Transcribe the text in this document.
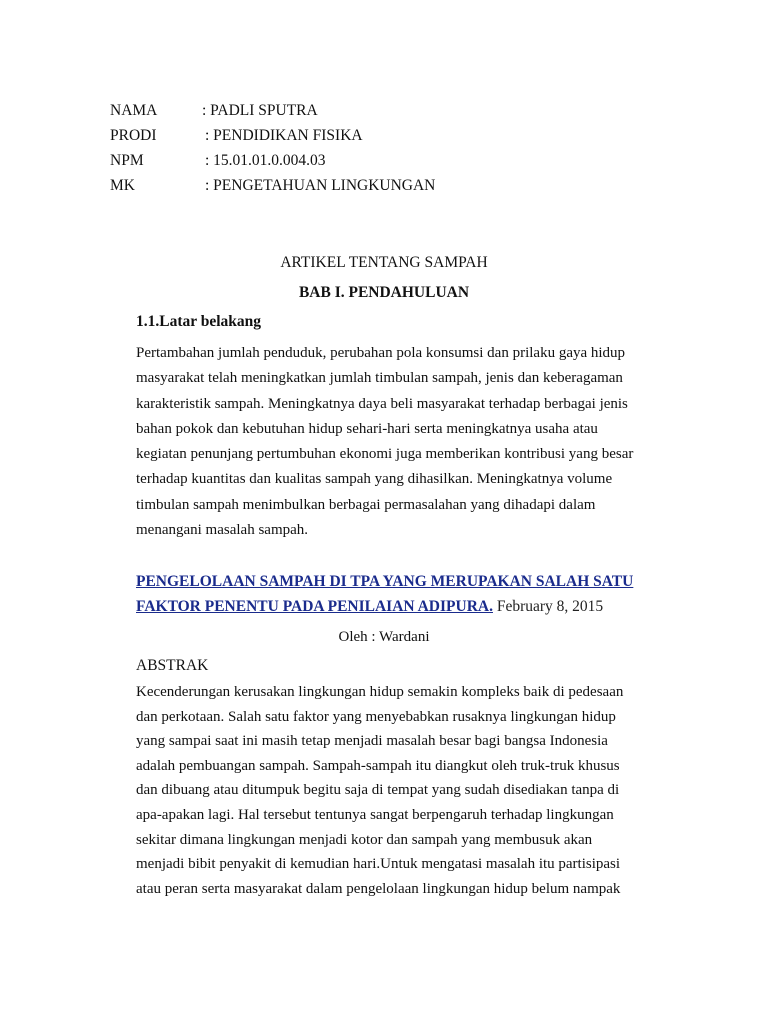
NAMA	: PADLI SPUTRA
PRODI	: PENDIDIKAN FISIKA
NPM	: 15.01.01.0.004.03
MK	: PENGETAHUAN LINGKUNGAN
ARTIKEL TENTANG SAMPAH
BAB I. PENDAHULUAN
1.1.Latar belakang
Pertambahan jumlah penduduk, perubahan pola konsumsi dan prilaku gaya hidup
masyarakat telah meningkatkan jumlah timbulan sampah, jenis dan keberagaman
karakteristik sampah. Meningkatnya daya beli masyarakat terhadap berbagai jenis
bahan pokok dan kebutuhan hidup sehari-hari serta meningkatnya usaha atau
kegiatan penunjang pertumbuhan ekonomi juga memberikan kontribusi yang besar
terhadap kuantitas dan kualitas sampah yang dihasilkan. Meningkatnya volume
timbulan sampah menimbulkan berbagai permasalahan yang dihadapi dalam
menangani masalah sampah.
PENGELOLAAN SAMPAH DI TPA YANG MERUPAKAN SALAH SATU
FAKTOR PENENTU PADA PENILAIAN ADIPURA. February 8, 2015
Oleh : Wardani
ABSTRAK
Kecenderungan kerusakan lingkungan hidup semakin kompleks baik di pedesaan
dan perkotaan. Salah satu faktor yang menyebabkan rusaknya lingkungan hidup
yang sampai saat ini masih tetap menjadi masalah besar bagi bangsa Indonesia
adalah pembuangan sampah. Sampah-sampah itu diangkut oleh truk-truk khusus
dan dibuang atau ditumpuk begitu saja di tempat yang sudah disediakan tanpa di
apa-apakan lagi. Hal tersebut tentunya sangat berpengaruh terhadap lingkungan
sekitar dimana lingkungan menjadi kotor dan sampah yang membusuk akan
menjadi bibit penyakit di kemudian hari.Untuk mengatasi masalah itu partisipasi
atau peran serta masyarakat dalam pengelolaan lingkungan hidup belum nampak
